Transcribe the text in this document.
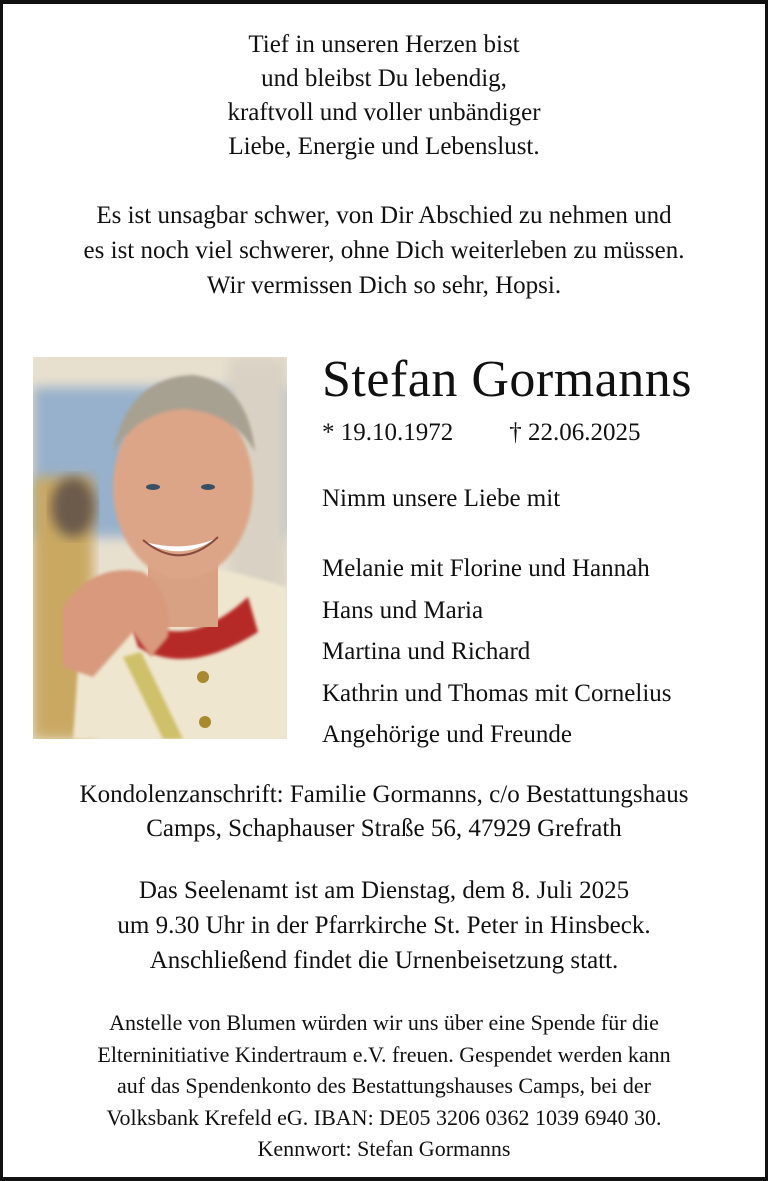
Tief in unseren Herzen bist
und bleibst Du lebendig,
kraftvoll und voller unbändiger
Liebe, Energie und Lebenslust.
Es ist unsagbar schwer, von Dir Abschied zu nehmen und
es ist noch viel schwerer, ohne Dich weiterleben zu müssen.
Wir vermissen Dich so sehr, Hopsi.
Stefan Gormanns
* 19.10.1972 † 22.06.2025
Nimm unsere Liebe mit
Melanie mit Florine und Hannah
Hans und Maria
Martina und Richard
Kathrin und Thomas mit Cornelius
Angehörige und Freunde
Kondolenzanschrift: Familie Gormanns, c/o Bestattungshaus
Camps, Schaphauser Straße 56, 47929 Grefrath
Das Seelenamt ist am Dienstag, dem 8. Juli 2025
um 9.30 Uhr in der Pfarrkirche St. Peter in Hinsbeck.
Anschließend findet die Urnenbeisetzung statt.
Anstelle von Blumen würden wir uns über eine Spende für die
Elterninitiative Kindertraum e.V. freuen. Gespendet werden kann
auf das Spendenkonto des Bestattungshauses Camps, bei der
Volksbank Krefeld eG. IBAN: DE05 3206 0362 1039 6940 30.
Kennwort: Stefan Gormanns
